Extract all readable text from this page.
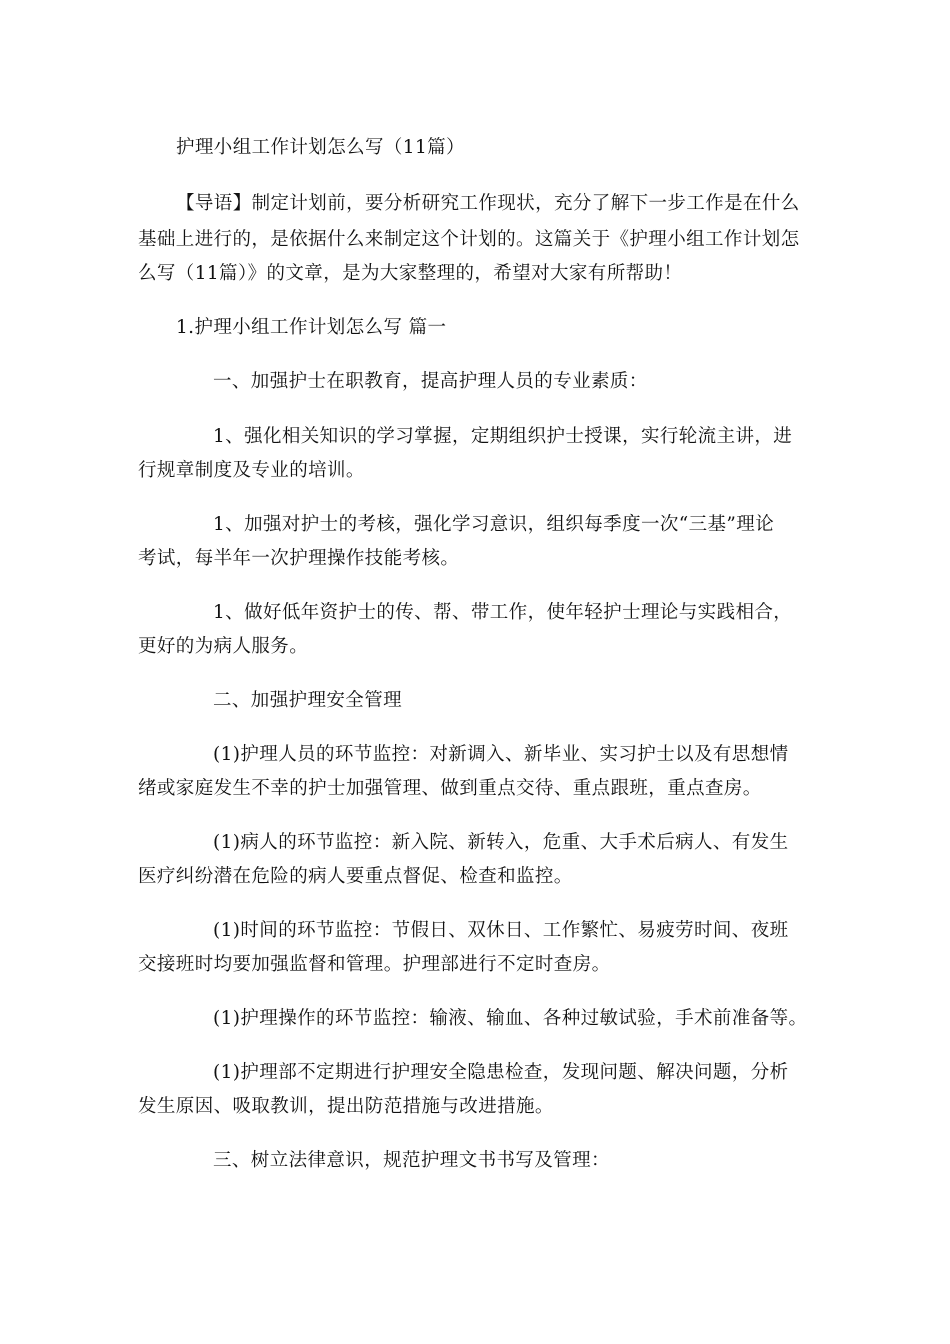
护理小组工作计划怎么写（11篇）
【导语】制定计划前，要分析研究工作现状，充分了解下一步工作是在什么
基础上进行的，是依据什么来制定这个计划的。这篇关于《护理小组工作计划怎
么写（11篇）》的文章，是为大家整理的，希望对大家有所帮助！
1.护理小组工作计划怎么写 篇一
一、加强护士在职教育，提高护理人员的专业素质：
1、强化相关知识的学习掌握，定期组织护士授课，实行轮流主讲，进
行规章制度及专业的培训。
1、加强对护士的考核，强化学习意识，组织每季度一次“三基”理论
考试，每半年一次护理操作技能考核。
1、做好低年资护士的传、帮、带工作，使年轻护士理论与实践相合，
更好的为病人服务。
二、加强护理安全管理
(1)护理人员的环节监控：对新调入、新毕业、实习护士以及有思想情
绪或家庭发生不幸的护士加强管理、做到重点交待、重点跟班，重点查房。
(1)病人的环节监控：新入院、新转入，危重、大手术后病人、有发生
医疗纠纷潜在危险的病人要重点督促、检查和监控。
(1)时间的环节监控：节假日、双休日、工作繁忙、易疲劳时间、夜班
交接班时均要加强监督和管理。护理部进行不定时查房。
(1)护理操作的环节监控：输液、输血、各种过敏试验，手术前准备等。
(1)护理部不定期进行护理安全隐患检查，发现问题、解决问题，分析
发生原因、吸取教训，提出防范措施与改进措施。
三、树立法律意识，规范护理文书书写及管理：
